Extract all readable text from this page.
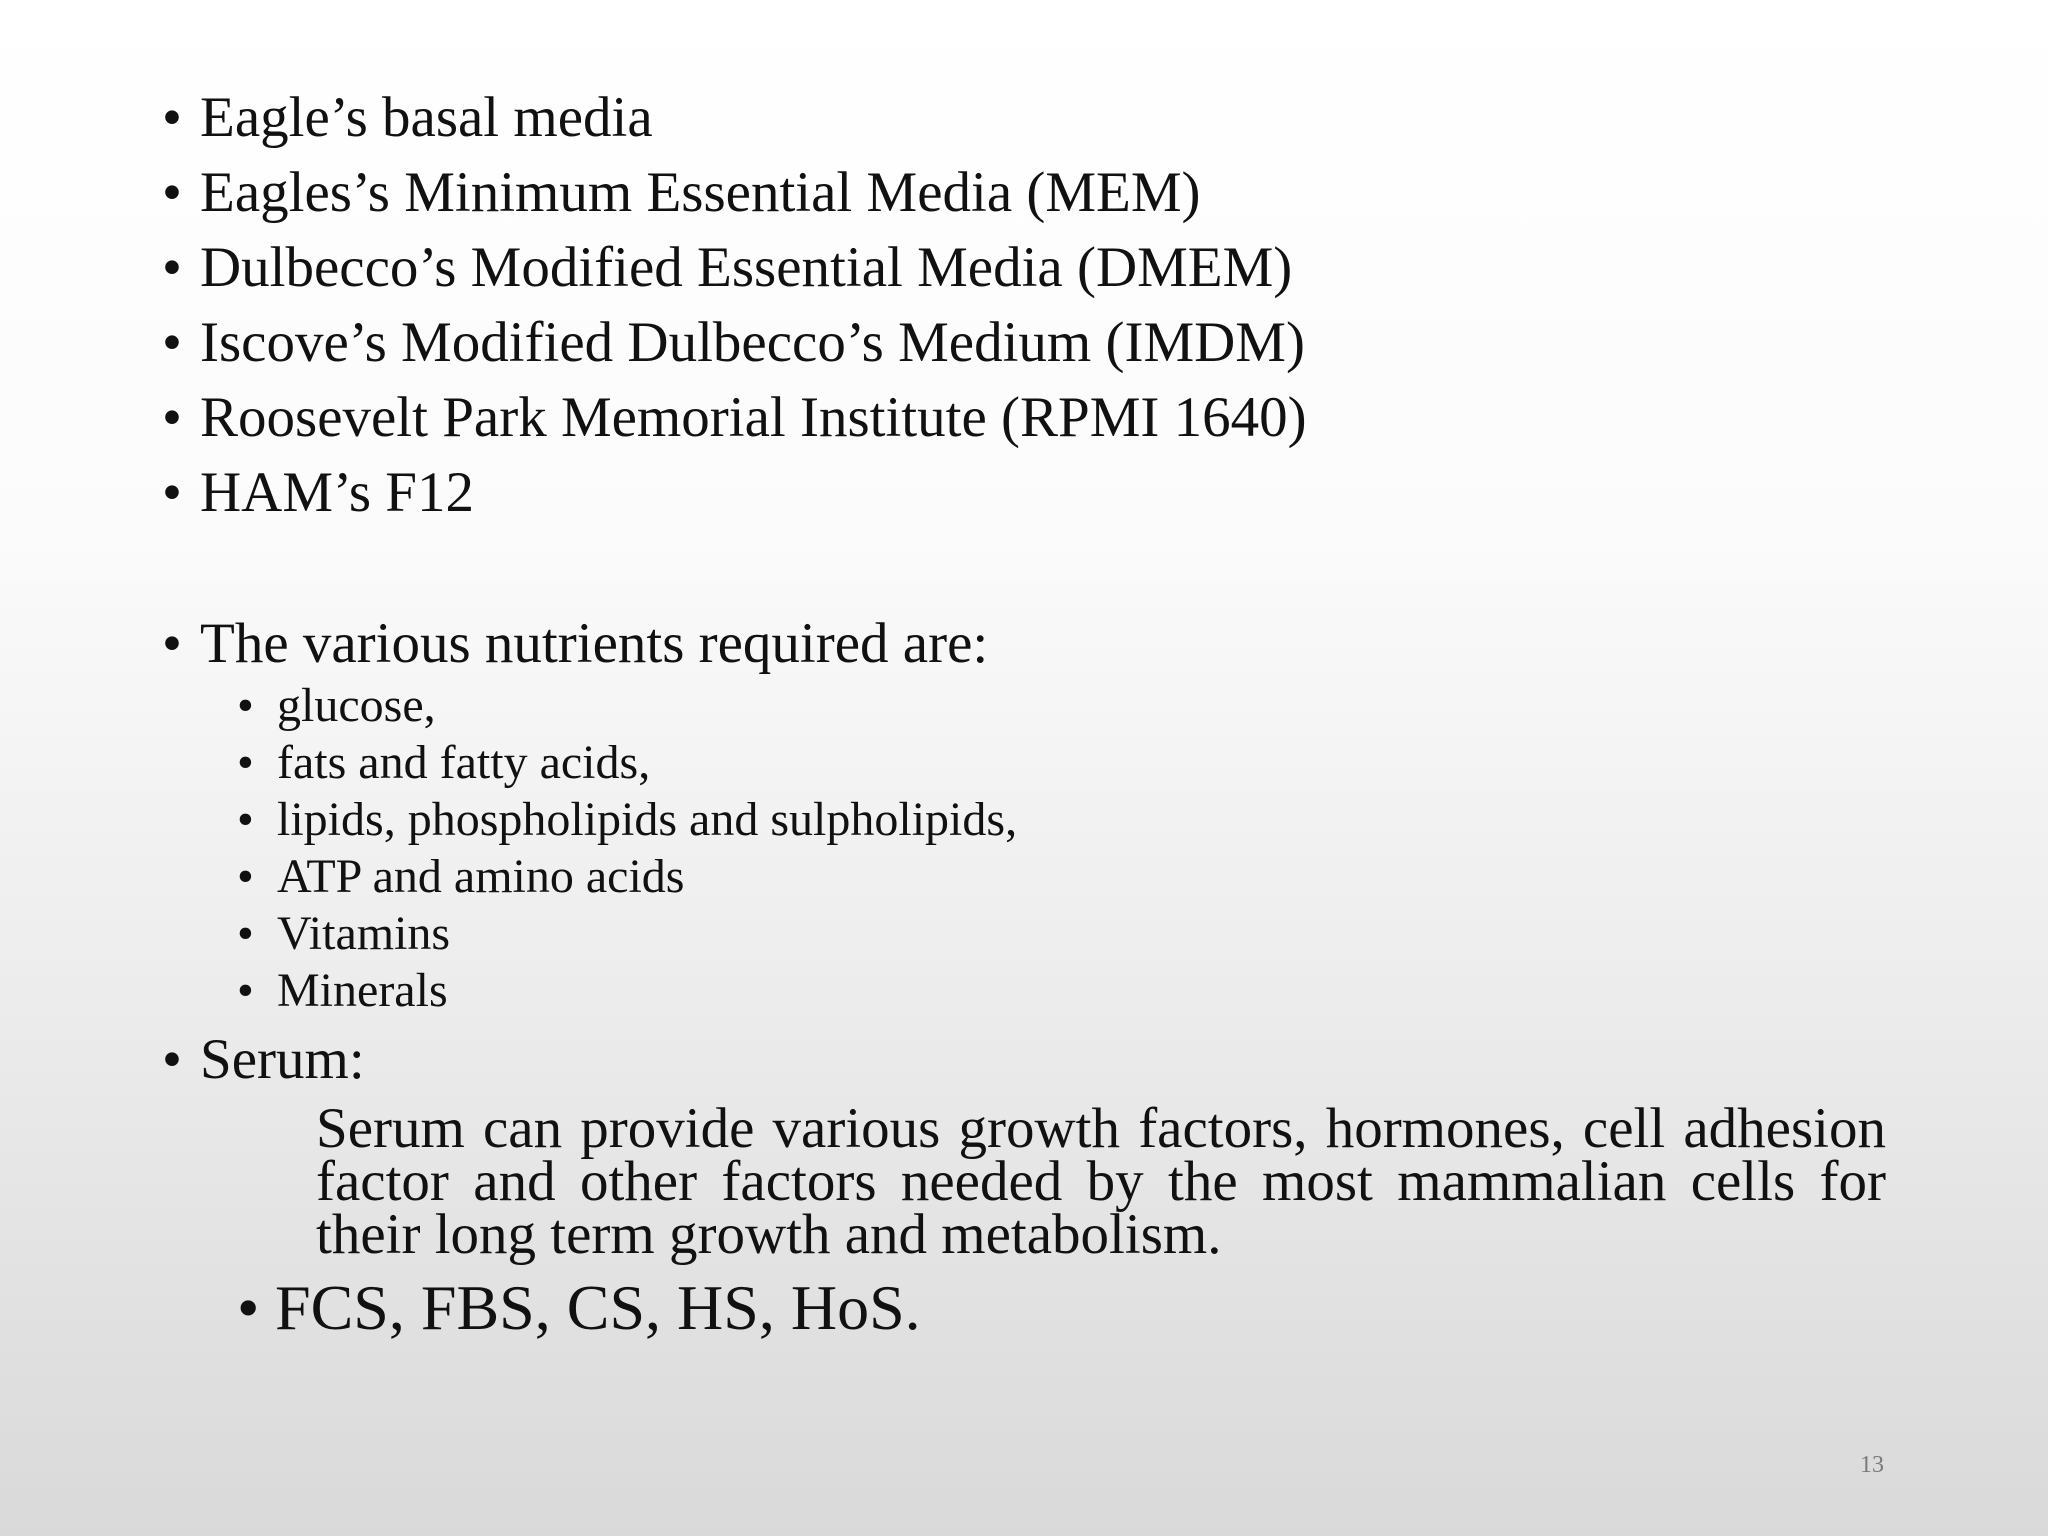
• Eagle’s basal media
• Eagles’s Minimum Essential Media (MEM)
• Dulbecco’s Modified Essential Media (DMEM)
• Iscove’s Modified Dulbecco’s Medium (IMDM)
• Roosevelt Park Memorial Institute (RPMI 1640)
• HAM’s F12
• The various nutrients required are:
• glucose,
• fats and fatty acids,
• lipids, phospholipids and sulpholipids,
• ATP and amino acids
• Vitamins
• Minerals
• Serum:
Serum can provide various growth factors, hormones, cell adhesion factor and other factors needed by the most mammalian cells for their long term growth and metabolism.
• FCS, FBS, CS, HS, HoS.
13
